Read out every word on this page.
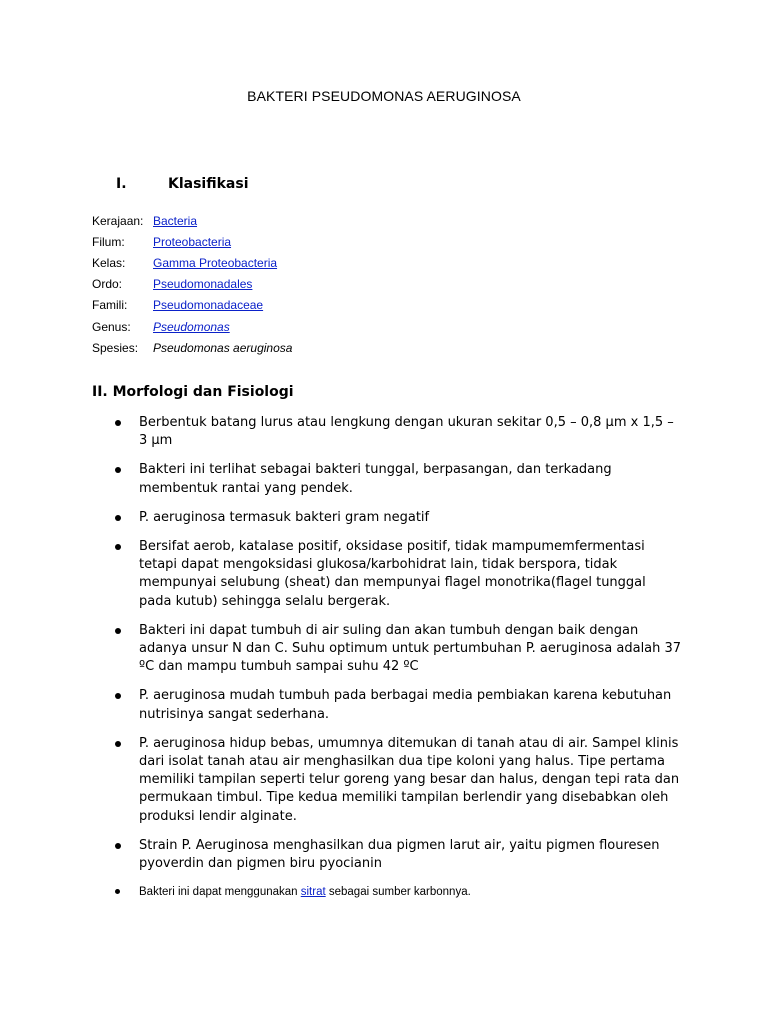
BAKTERI PSEUDOMONAS AERUGINOSA
I.	Klasifikasi
Kerajaan: Bacteria
Filum:	Proteobacteria
Kelas:	Gamma Proteobacteria
Ordo:	Pseudomonadales
Famili:	Pseudomonadaceae
Genus:	Pseudomonas
Spesies:	Pseudomonas aeruginosa
II. Morfologi dan Fisiologi
Berbentuk batang lurus atau lengkung dengan ukuran sekitar 0,5 – 0,8 µm x 1,5 – 3 µm
Bakteri ini terlihat sebagai bakteri tunggal, berpasangan, dan terkadang membentuk rantai yang pendek.
P. aeruginosa termasuk bakteri gram negatif
Bersifat aerob, katalase positif, oksidase positif, tidak mampumemfermentasi tetapi dapat mengoksidasi glukosa/karbohidrat lain, tidak berspora, tidak mempunyai selubung (sheat) dan mempunyai flagel monotrika(flagel tunggal pada kutub) sehingga selalu bergerak.
Bakteri ini dapat tumbuh di air suling dan akan tumbuh dengan baik dengan adanya unsur N dan C. Suhu optimum untuk pertumbuhan P. aeruginosa adalah 37 ºC dan mampu tumbuh sampai suhu 42 ºC
P. aeruginosa mudah tumbuh pada berbagai media pembiakan karena kebutuhan nutrisinya sangat sederhana.
P. aeruginosa hidup bebas, umumnya ditemukan di tanah atau di air. Sampel klinis dari isolat tanah atau air menghasilkan dua tipe koloni yang halus. Tipe pertama memiliki tampilan seperti telur goreng yang besar dan halus, dengan tepi rata dan permukaan timbul. Tipe kedua memiliki tampilan berlendir yang disebabkan oleh produksi lendir alginate.
Strain P. Aeruginosa menghasilkan dua pigmen larut air, yaitu pigmen flouresen pyoverdin dan pigmen biru pyocianin
Bakteri ini dapat menggunakan sitrat sebagai sumber karbonnya.
